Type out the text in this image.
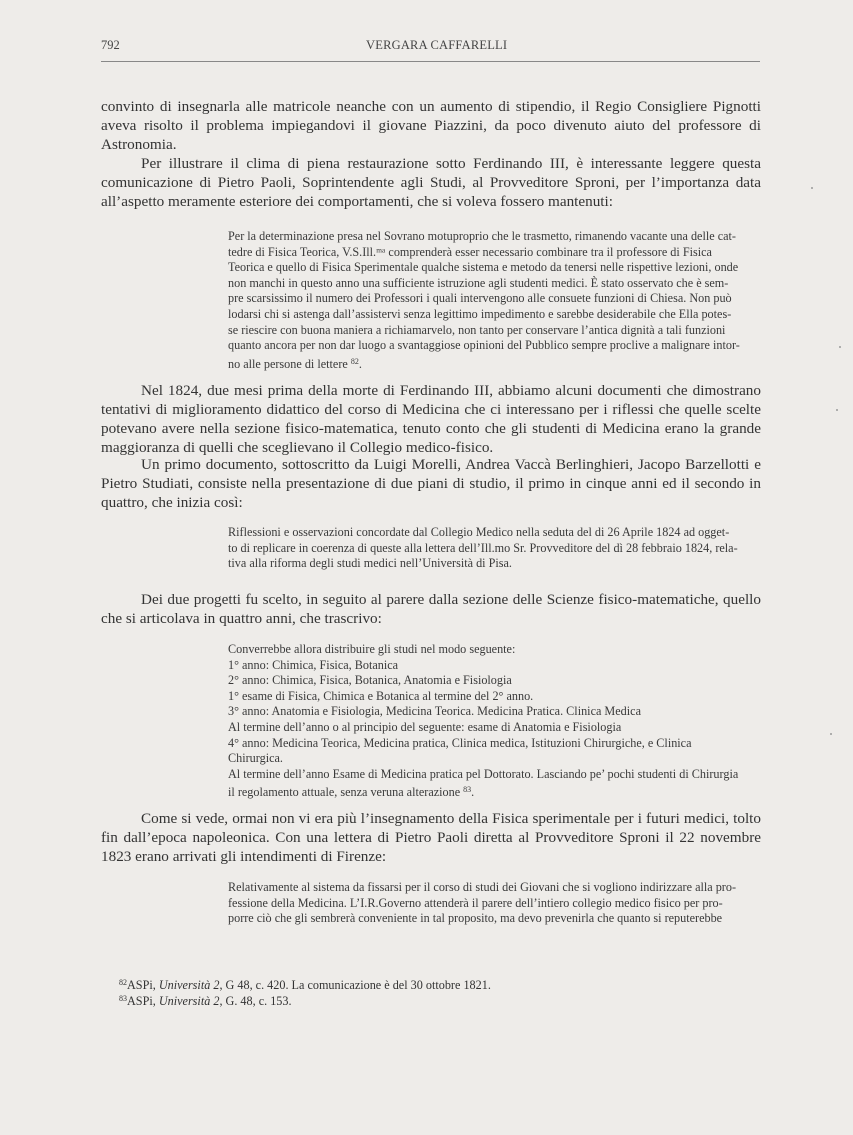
792	VERGARA CAFFARELLI
convinto di insegnarla alle matricole neanche con un aumento di stipendio, il Regio Consigliere Pignotti aveva risolto il problema impiegandovi il giovane Piazzini, da poco divenuto aiuto del professore di Astronomia.
Per illustrare il clima di piena restaurazione sotto Ferdinando III, è interessante leggere questa comunicazione di Pietro Paoli, Soprintendente agli Studi, al Provveditore Sproni, per l’importanza data all’aspetto meramente esteriore dei comportamenti, che si voleva fossero mantenuti:
Per la determinazione presa nel Sovrano motuproprio che le trasmetto, rimanendo vacante una delle cat-
tedre di Fisica Teorica, V.S.Ill.ᵐᵃ comprenderà esser necessario combinare tra il professore di Fisica
Teorica e quello di Fisica Sperimentale qualche sistema e metodo da tenersi nelle rispettive lezioni, onde
non manchi in questo anno una sufficiente istruzione agli studenti medici. È stato osservato che è sem-
pre scarsissimo il numero dei Professori i quali intervengono alle consuete funzioni di Chiesa. Non può
lodarsi chi si astenga dall’assistervi senza legittimo impedimento e sarebbe desiderabile che Ella potes-
se riescire con buona maniera a richiamarvelo, non tanto per conservare l’antica dignità a tali funzioni
quanto ancora per non dar luogo a svantaggiose opinioni del Pubblico sempre proclive a malignare intor-
no alle persone di lettere $^{82}$.
Nel 1824, due mesi prima della morte di Ferdinando III, abbiamo alcuni documenti che dimostrano tentativi di miglioramento didattico del corso di Medicina che ci interessano per i riflessi che quelle scelte potevano avere nella sezione fisico-matematica, tenuto conto che gli studenti di Medicina erano la grande maggioranza di quelli che sceglievano il Collegio medico-fisico.
Un primo documento, sottoscritto da Luigi Morelli, Andrea Vaccà Berlinghieri, Jacopo Barzellotti e Pietro Studiati, consiste nella presentazione di due piani di studio, il primo in cinque anni ed il secondo in quattro, che inizia così:
Riflessioni e osservazioni concordate dal Collegio Medico nella seduta del di 26 Aprile 1824 ad ogget-
to di replicare in coerenza di queste alla lettera dell’Ill.mo Sr. Provveditore del dì 28 febbraio 1824, rela-
tiva alla riforma degli studi medici nell’Università di Pisa.
Dei due progetti fu scelto, in seguito al parere dalla sezione delle Scienze fisico-matematiche, quello che si articolava in quattro anni, che trascrivo:
Converrebbe allora distribuire gli studi nel modo seguente:
1° anno: Chimica, Fisica, Botanica
2° anno: Chimica, Fisica, Botanica, Anatomia e Fisiologia
1° esame di Fisica, Chimica e Botanica al termine del 2° anno.
3° anno: Anatomia e Fisiologia, Medicina Teorica. Medicina Pratica. Clinica Medica
Al termine dell’anno o al principio del seguente: esame di Anatomia e Fisiologia
4° anno: Medicina Teorica, Medicina pratica, Clinica medica, Istituzioni Chirurgiche, e Clinica
Chirurgica.
Al termine dell’anno Esame di Medicina pratica pel Dottorato. Lasciando pe’ pochi studenti di Chirurgia
il regolamento attuale, senza veruna alterazione $^{83}$.
Come si vede, ormai non vi era più l’insegnamento della Fisica sperimentale per i futuri medici, tolto fin dall’epoca napoleonica. Con una lettera di Pietro Paoli diretta al Provveditore Sproni il 22 novembre 1823 erano arrivati gli intendimenti di Firenze:
Relativamente al sistema da fissarsi per il corso di studi dei Giovani che si vogliono indirizzare alla pro-
fessione della Medicina. L’I.R.Governo attenderà il parere dell’intiero collegio medico fisico per pro-
porre ciò che gli sembrerà conveniente in tal proposito, ma devo prevenirla che quanto si reputerebbe
$^{82}$ASPi, Università 2, G 48, c. 420. La comunicazione è del 30 ottobre 1821.
$^{83}$ASPi, Università 2, G. 48, c. 153.
